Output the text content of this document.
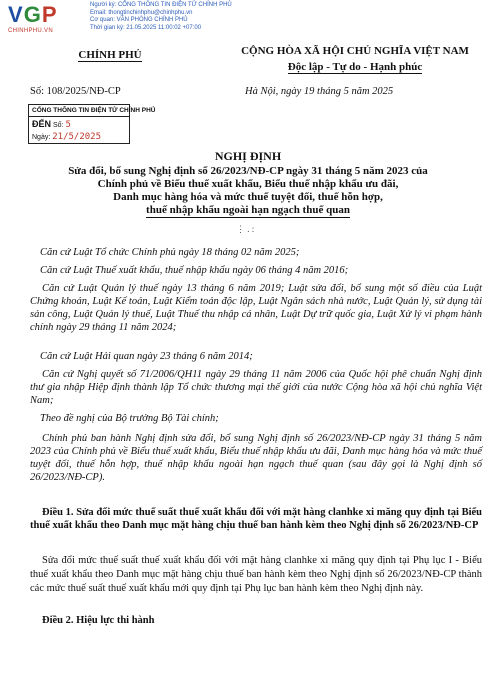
VGP
CHINHPHU.VN
Người ký: CỔNG THÔNG TIN ĐIỆN TỬ CHÍNH PHỦ
Email: thongtinchinhphu@chinhphu.vn
Cơ quan: VĂN PHÒNG CHÍNH PHỦ
Thời gian ký: 21.05.2025 11:00:02 +07:00
CHÍNH PHỦ	CỘNG HÒA XÃ HỘI CHỦ NGHĨA VIỆT NAM
Độc lập - Tự do - Hạnh phúc
Số: 108/2025/NĐ-CP	Hà Nội, ngày 19 tháng 5 năm 2025
CỔNG THÔNG TIN ĐIỆN TỬ CHÍNH PHỦ
ĐẾN Số: 5
Ngày: 21/5/2025
NGHỊ ĐỊNH
Sửa đổi, bổ sung Nghị định số 26/2023/NĐ-CP ngày 31 tháng 5 năm 2023 của
Chính phủ về Biểu thuế xuất khẩu, Biểu thuế nhập khẩu ưu đãi,
Danh mục hàng hóa và mức thuế tuyệt đối, thuế hỗn hợp,
thuế nhập khẩu ngoài hạn ngạch thuế quan
⋮ . :
Căn cứ Luật Tổ chức Chính phủ ngày 18 tháng 02 năm 2025;
Căn cứ Luật Thuế xuất khẩu, thuế nhập khẩu ngày 06 tháng 4 năm 2016;
Căn cứ Luật Quản lý thuế ngày 13 tháng 6 năm 2019; Luật sửa đổi, bổ sung một số điều của Luật Chứng khoán, Luật Kế toán, Luật Kiểm toán độc lập, Luật Ngân sách nhà nước, Luật Quản lý, sử dụng tài sản công, Luật Quản lý thuế, Luật Thuế thu nhập cá nhân, Luật Dự trữ quốc gia, Luật Xử lý vi phạm hành chính ngày 29 tháng 11 năm 2024;
Căn cứ Luật Hải quan ngày 23 tháng 6 năm 2014;
Căn cứ Nghị quyết số 71/2006/QH11 ngày 29 tháng 11 năm 2006 của Quốc hội phê chuẩn Nghị định thư gia nhập Hiệp định thành lập Tổ chức thương mại thế giới của nước Cộng hòa xã hội chủ nghĩa Việt Nam;
Theo đề nghị của Bộ trưởng Bộ Tài chính;
Chính phủ ban hành Nghị định sửa đổi, bổ sung Nghị định số 26/2023/NĐ-CP ngày 31 tháng 5 năm 2023 của Chính phủ về Biểu thuế xuất khẩu, Biểu thuế nhập khẩu ưu đãi, Danh mục hàng hóa và mức thuế tuyệt đối, thuế hỗn hợp, thuế nhập khẩu ngoài hạn ngạch thuế quan (sau đây gọi là Nghị định số 26/2023/NĐ-CP).
Điều 1. Sửa đổi mức thuế suất thuế xuất khẩu đối với mặt hàng clanhke xi măng quy định tại Biểu thuế xuất khẩu theo Danh mục mặt hàng chịu thuế ban hành kèm theo Nghị định số 26/2023/NĐ-CP
Sửa đổi mức thuế suất thuế xuất khẩu đối với mặt hàng clanhke xi măng quy định tại Phụ lục I - Biểu thuế xuất khẩu theo Danh mục mặt hàng chịu thuế ban hành kèm theo Nghị định số 26/2023/NĐ-CP thành các mức thuế suất thuế xuất khẩu mới quy định tại Phụ lục ban hành kèm theo Nghị định này.
Điều 2. Hiệu lực thi hành
